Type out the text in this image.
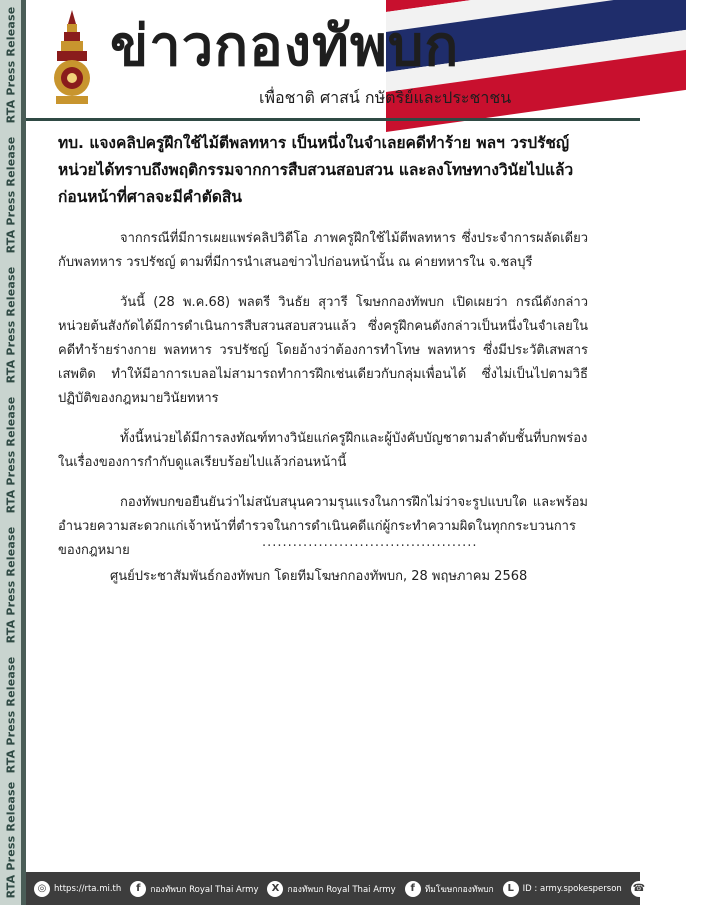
RTA Press Release
RTA Press Release
RTA Press Release
RTA Press Release
RTA Press Release
RTA Press Release
RTA Press Release
ข่าวกองทัพบก
เพื่อชาติ ศาสน์ กษัตริย์และประชาชน

ทบ. แจงคลิปครูฝึกใช้ไม้ตีพลทหาร เป็นหนึ่งในจำเลยคดีทำร้าย พลฯ วรปรัชญ์ หน่วยได้ทราบถึงพฤติกรรมจากการสืบสวนสอบสวน และลงโทษทางวินัยไปแล้วก่อนหน้าที่ศาลจะมีคำตัดสิน

จากกรณีที่มีการเผยแพร่คลิปวิดีโอ ภาพครูฝึกใช้ไม้ตีพลทหาร ซึ่งประจำการผลัดเดียวกับพลทหาร วรปรัชญ์ ตามที่มีการนำเสนอข่าวไปก่อนหน้านั้น ณ ค่ายทหารใน จ.ชลบุรี

วันนี้ (28 พ.ค.68) พลตรี วินธัย สุวารี โฆษกกองทัพบก เปิดเผยว่า กรณีดังกล่าว หน่วยต้นสังกัดได้มีการดำเนินการสืบสวนสอบสวนแล้ว ซึ่งครูฝึกคนดังกล่าวเป็นหนึ่งในจำเลยในคดีทำร้ายร่างกาย พลทหาร วรปรัชญ์ โดยอ้างว่าต้องการทำโทษ พลทหาร ซึ่งมีประวัติเสพสารเสพติด ทำให้มีอาการเบลอไม่สามารถทำการฝึกเช่นเดียวกับกลุ่มเพื่อนได้ ซึ่งไม่เป็นไปตามวิธีปฏิบัติของกฎหมายวินัยทหาร

ทั้งนี้หน่วยได้มีการลงทัณฑ์ทางวินัยแก่ครูฝึกและผู้บังคับบัญชาตามลำดับชั้นที่บกพร่องในเรื่องของการกำกับดูแลเรียบร้อยไปแล้วก่อนหน้านี้

กองทัพบกขอยืนยันว่าไม่สนับสนุนความรุนแรงในการฝึกไม่ว่าจะรูปแบบใด และพร้อมอำนวยความสะดวกแก่เจ้าหน้าที่ตำรวจในการดำเนินคดีแก่ผู้กระทำความผิดในทุกกระบวนการของกฎหมาย

..........................................
ศูนย์ประชาสัมพันธ์กองทัพบก โดยทีมโฆษกกองทัพบก, 28 พฤษภาคม 2568
◎ https://rta.mi.th	f	กองทัพบก Royal Thai Army	X กองทัพบก Royal Thai Army	f	ทีมโฆษกกองทัพบก	L	ID : army.spokesperson ☎ 084-986-5379
